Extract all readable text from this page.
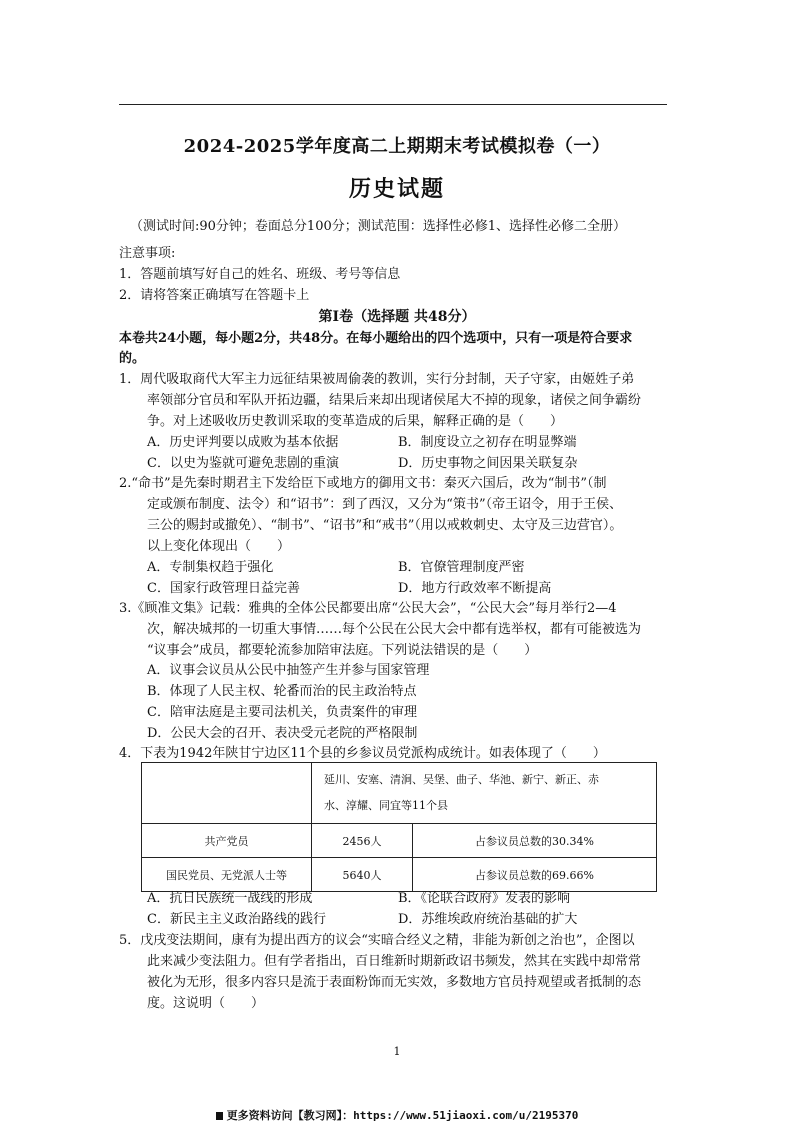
2024-2025学年度高二上期期末考试模拟卷（一）
历史试题
（测试时间:90分钟；卷面总分100分；测试范围：选择性必修1、选择性必修二全册）
注意事项:
1．答题前填写好自己的姓名、班级、考号等信息
2．请将答案正确填写在答题卡上
第Ⅰ卷（选择题 共48分）
本卷共24小题，每小题2分，共48分。在每小题给出的四个选项中，只有一项是符合要求
的。
1．周代吸取商代大军主力远征结果被周偷袭的教训，实行分封制，天子守家，由姬姓子弟
率领部分官员和军队开拓边疆，结果后来却出现诸侯尾大不掉的现象，诸侯之间争霸纷
争。对上述吸收历史教训采取的变革造成的后果，解释正确的是（　　）
A．历史评判要以成败为基本依据	B．制度设立之初存在明显弊端
C．以史为鉴就可避免悲剧的重演	D．历史事物之间因果关联复杂
2.“命书”是先秦时期君主下发给臣下或地方的御用文书：秦灭六国后，改为“制书”（制
定或颁布制度、法令）和“诏书”：到了西汉，又分为“策书”（帝王诏令，用于王侯、
三公的赐封或撤免）、“制书”、“诏书”和“戒书”（用以戒敕刺史、太守及三边营官）。
以上变化体现出（　　）
A．专制集权趋于强化	B．官僚管理制度严密
C．国家行政管理日益完善	D．地方行政效率不断提高
3.《顾准文集》记载：雅典的全体公民都要出席“公民大会”，“公民大会”每月举行2—4
次，解决城邦的一切重大事情……每个公民在公民大会中都有选举权，都有可能被选为
“议事会”成员，都要轮流参加陪审法庭。下列说法错误的是（　　）
A．议事会议员从公民中抽签产生并参与国家管理
B．体现了人民主权、轮番而治的民主政治特点
C．陪审法庭是主要司法机关，负责案件的审理
D．公民大会的召开、表决受元老院的严格限制
4．下表为1942年陕甘宁边区11个县的乡参议员党派构成统计。如表体现了（　　）

	延川、安塞、清涧、吴堡、曲子、华池、新宁、新正、赤
水、淳耀、同宜等11个县	

共产党员	2456人	占参议员总数的30.34%
国民党员、无党派人士等	5640人	占参议员总数的69.66%
A．抗日民族统一战线的形成	B．《论联合政府》发表的影响
C．新民主主义政治路线的践行	D．苏维埃政府统治基础的扩大
5．戊戌变法期间，康有为提出西方的议会“实暗合经义之精，非能为新创之治也”，企图以
此来减少变法阻力。但有学者指出，百日维新时期新政诏书频发，然其在实践中却常常
被化为无形，很多内容只是流于表面粉饰而无实效，多数地方官员持观望或者抵制的态
度。这说明（　　）
1
更多资料访问【教习网】：https://www.51jiaoxi.com/u/2195370
